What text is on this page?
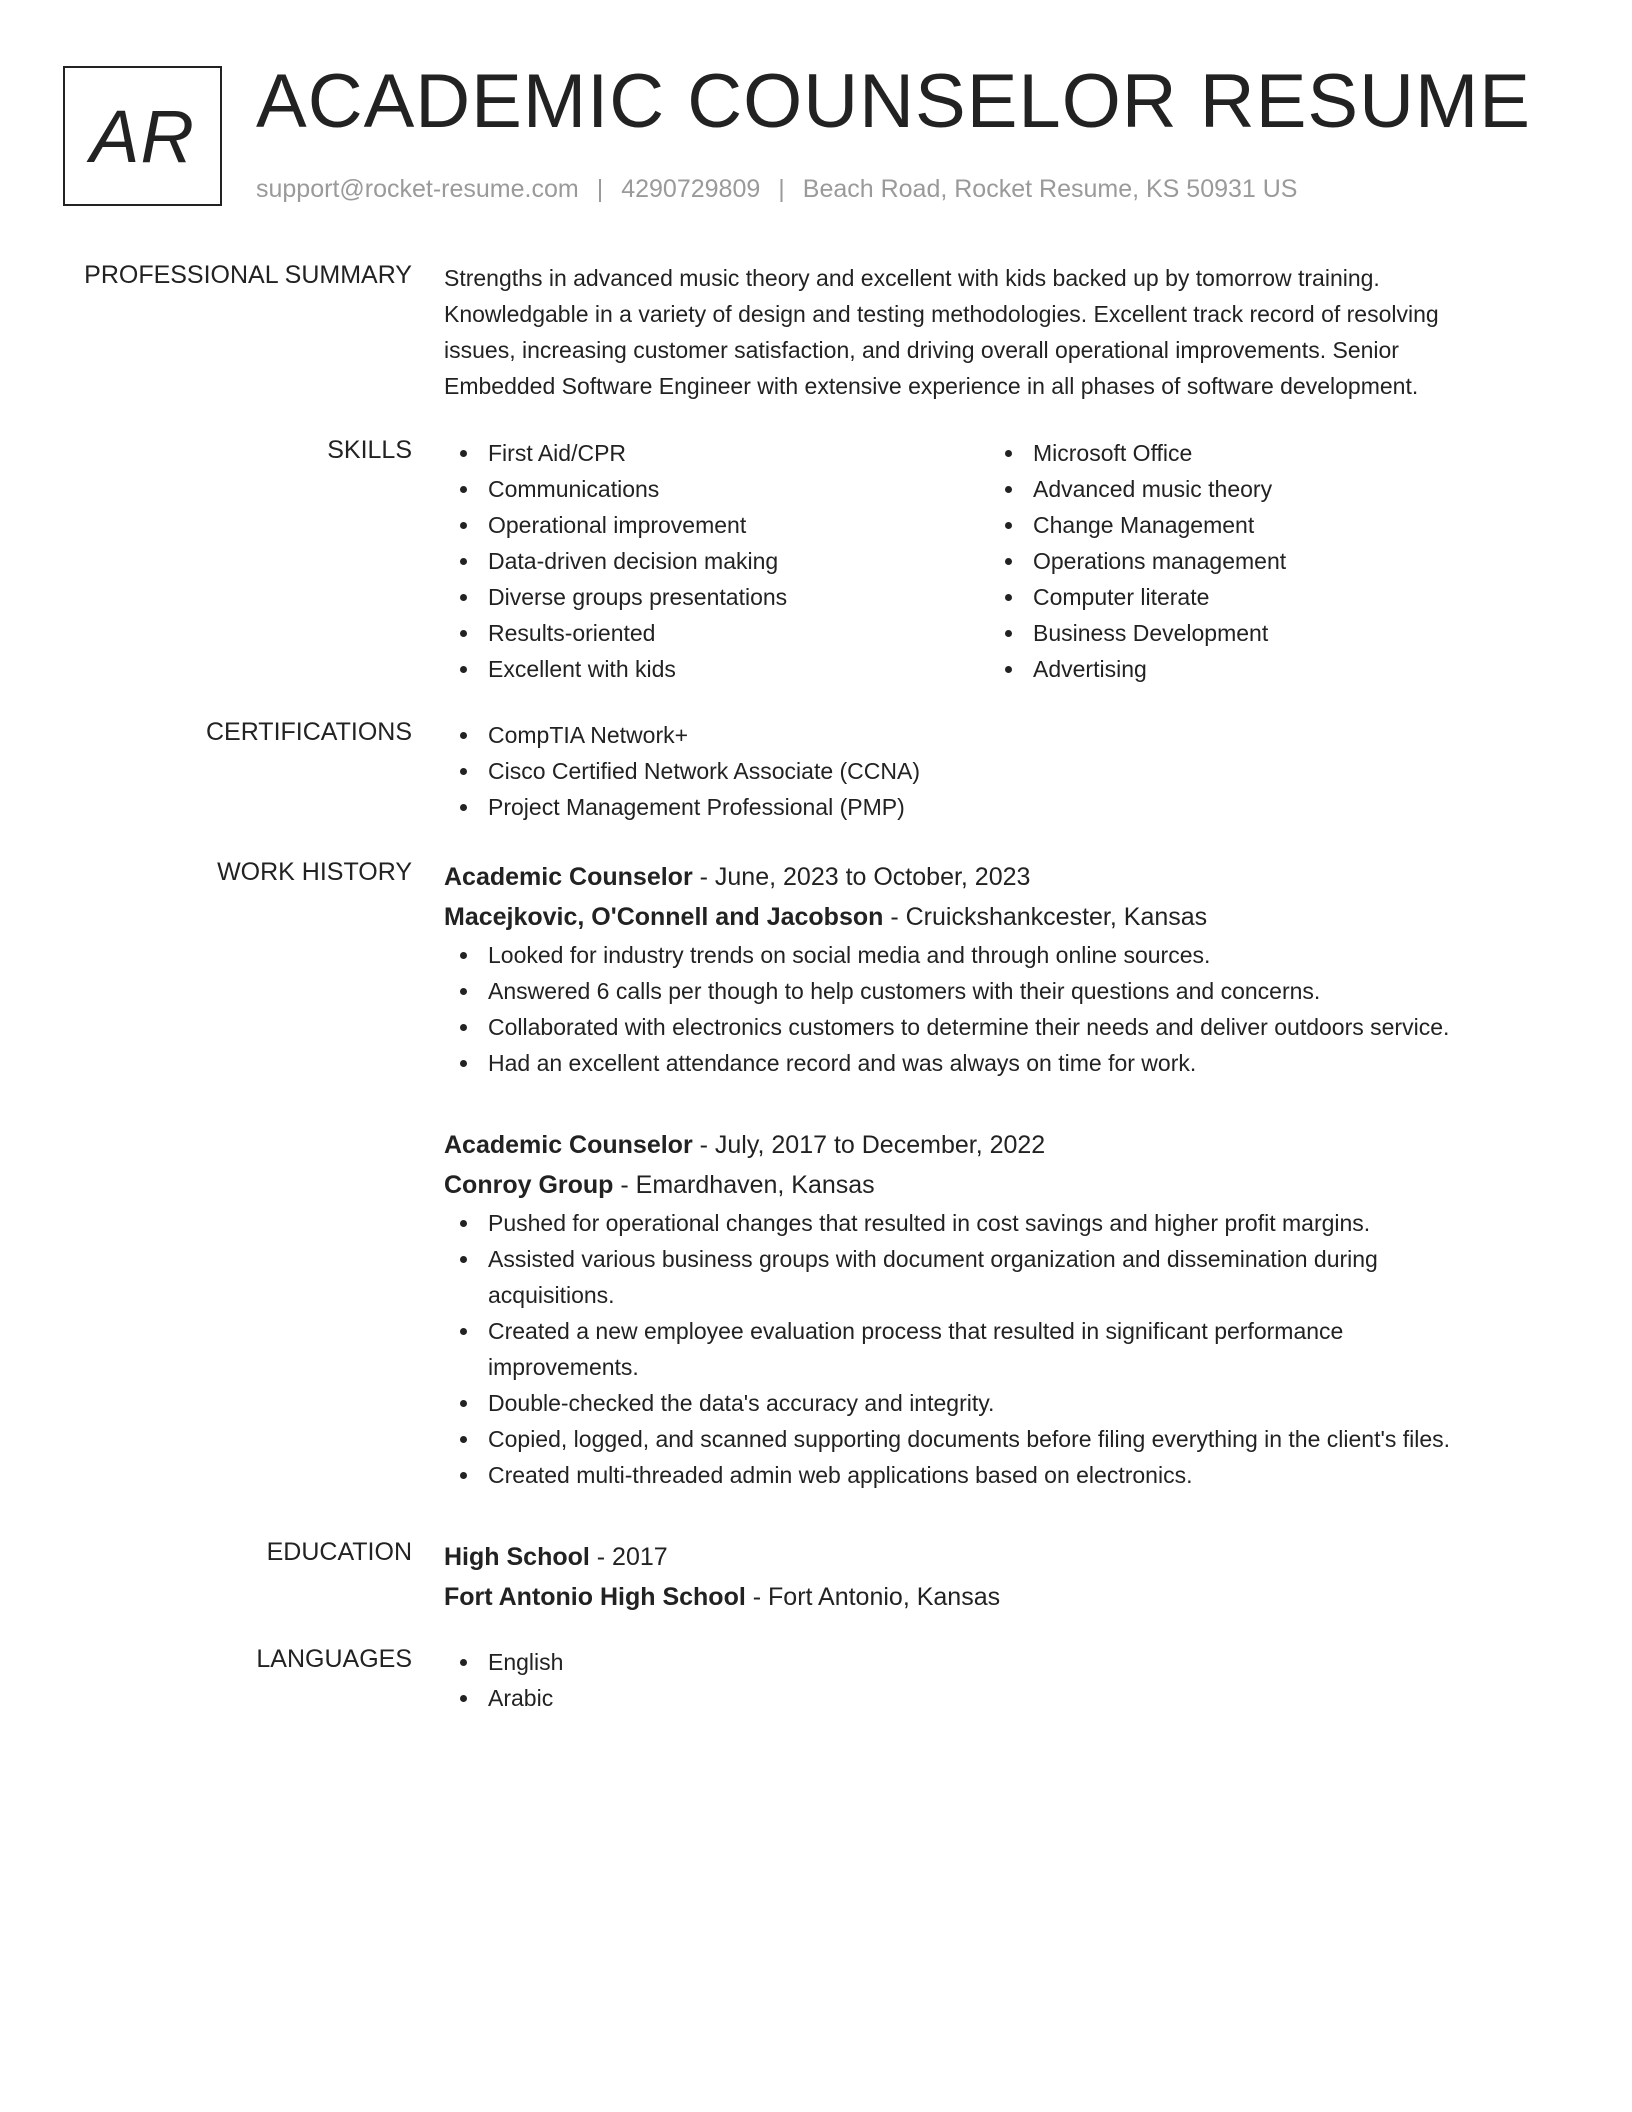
AR ACADEMIC COUNSELOR RESUME
support@rocket-resume.com | 4290729809 | Beach Road, Rocket Resume, KS 50931 US
PROFESSIONAL SUMMARY Strengths in advanced music theory and excellent with kids backed up by tomorrow training.
Knowledgable in a variety of design and testing methodologies. Excellent track record of resolving
issues, increasing customer satisfaction, and driving overall operational improvements. Senior
Embedded Software Engineer with extensive experience in all phases of software development.
SKILLS	First Aid/CPR
Communications
Operational improvement
Data-driven decision making
Diverse groups presentations
Results-oriented
Excellent with kids
Microsoft Office
Advanced music theory
Change Management
Operations management
Computer literate
Business Development
Advertising
CERTIFICATIONS	CompTIA Network+
Cisco Certified Network Associate (CCNA)
Project Management Professional (PMP)
WORK HISTORY Academic Counselor - June, 2023 to October, 2023
Macejkovic, O'Connell and Jacobson - Cruickshankcester, Kansas
Looked for industry trends on social media and through online sources.
Answered 6 calls per though to help customers with their questions and concerns.
Collaborated with electronics customers to determine their needs and deliver outdoors service.
Had an excellent attendance record and was always on time for work.
Academic Counselor - July, 2017 to December, 2022
Conroy Group - Emardhaven, Kansas
Pushed for operational changes that resulted in cost savings and higher profit margins.
Assisted various business groups with document organization and dissemination during acquisitions.
Created a new employee evaluation process that resulted in significant performance improvements.
Double-checked the data's accuracy and integrity.
Copied, logged, and scanned supporting documents before filing everything in the client's files.
Created multi-threaded admin web applications based on electronics.
EDUCATION High School - 2017
Fort Antonio High School - Fort Antonio, Kansas
LANGUAGES	English
Arabic
